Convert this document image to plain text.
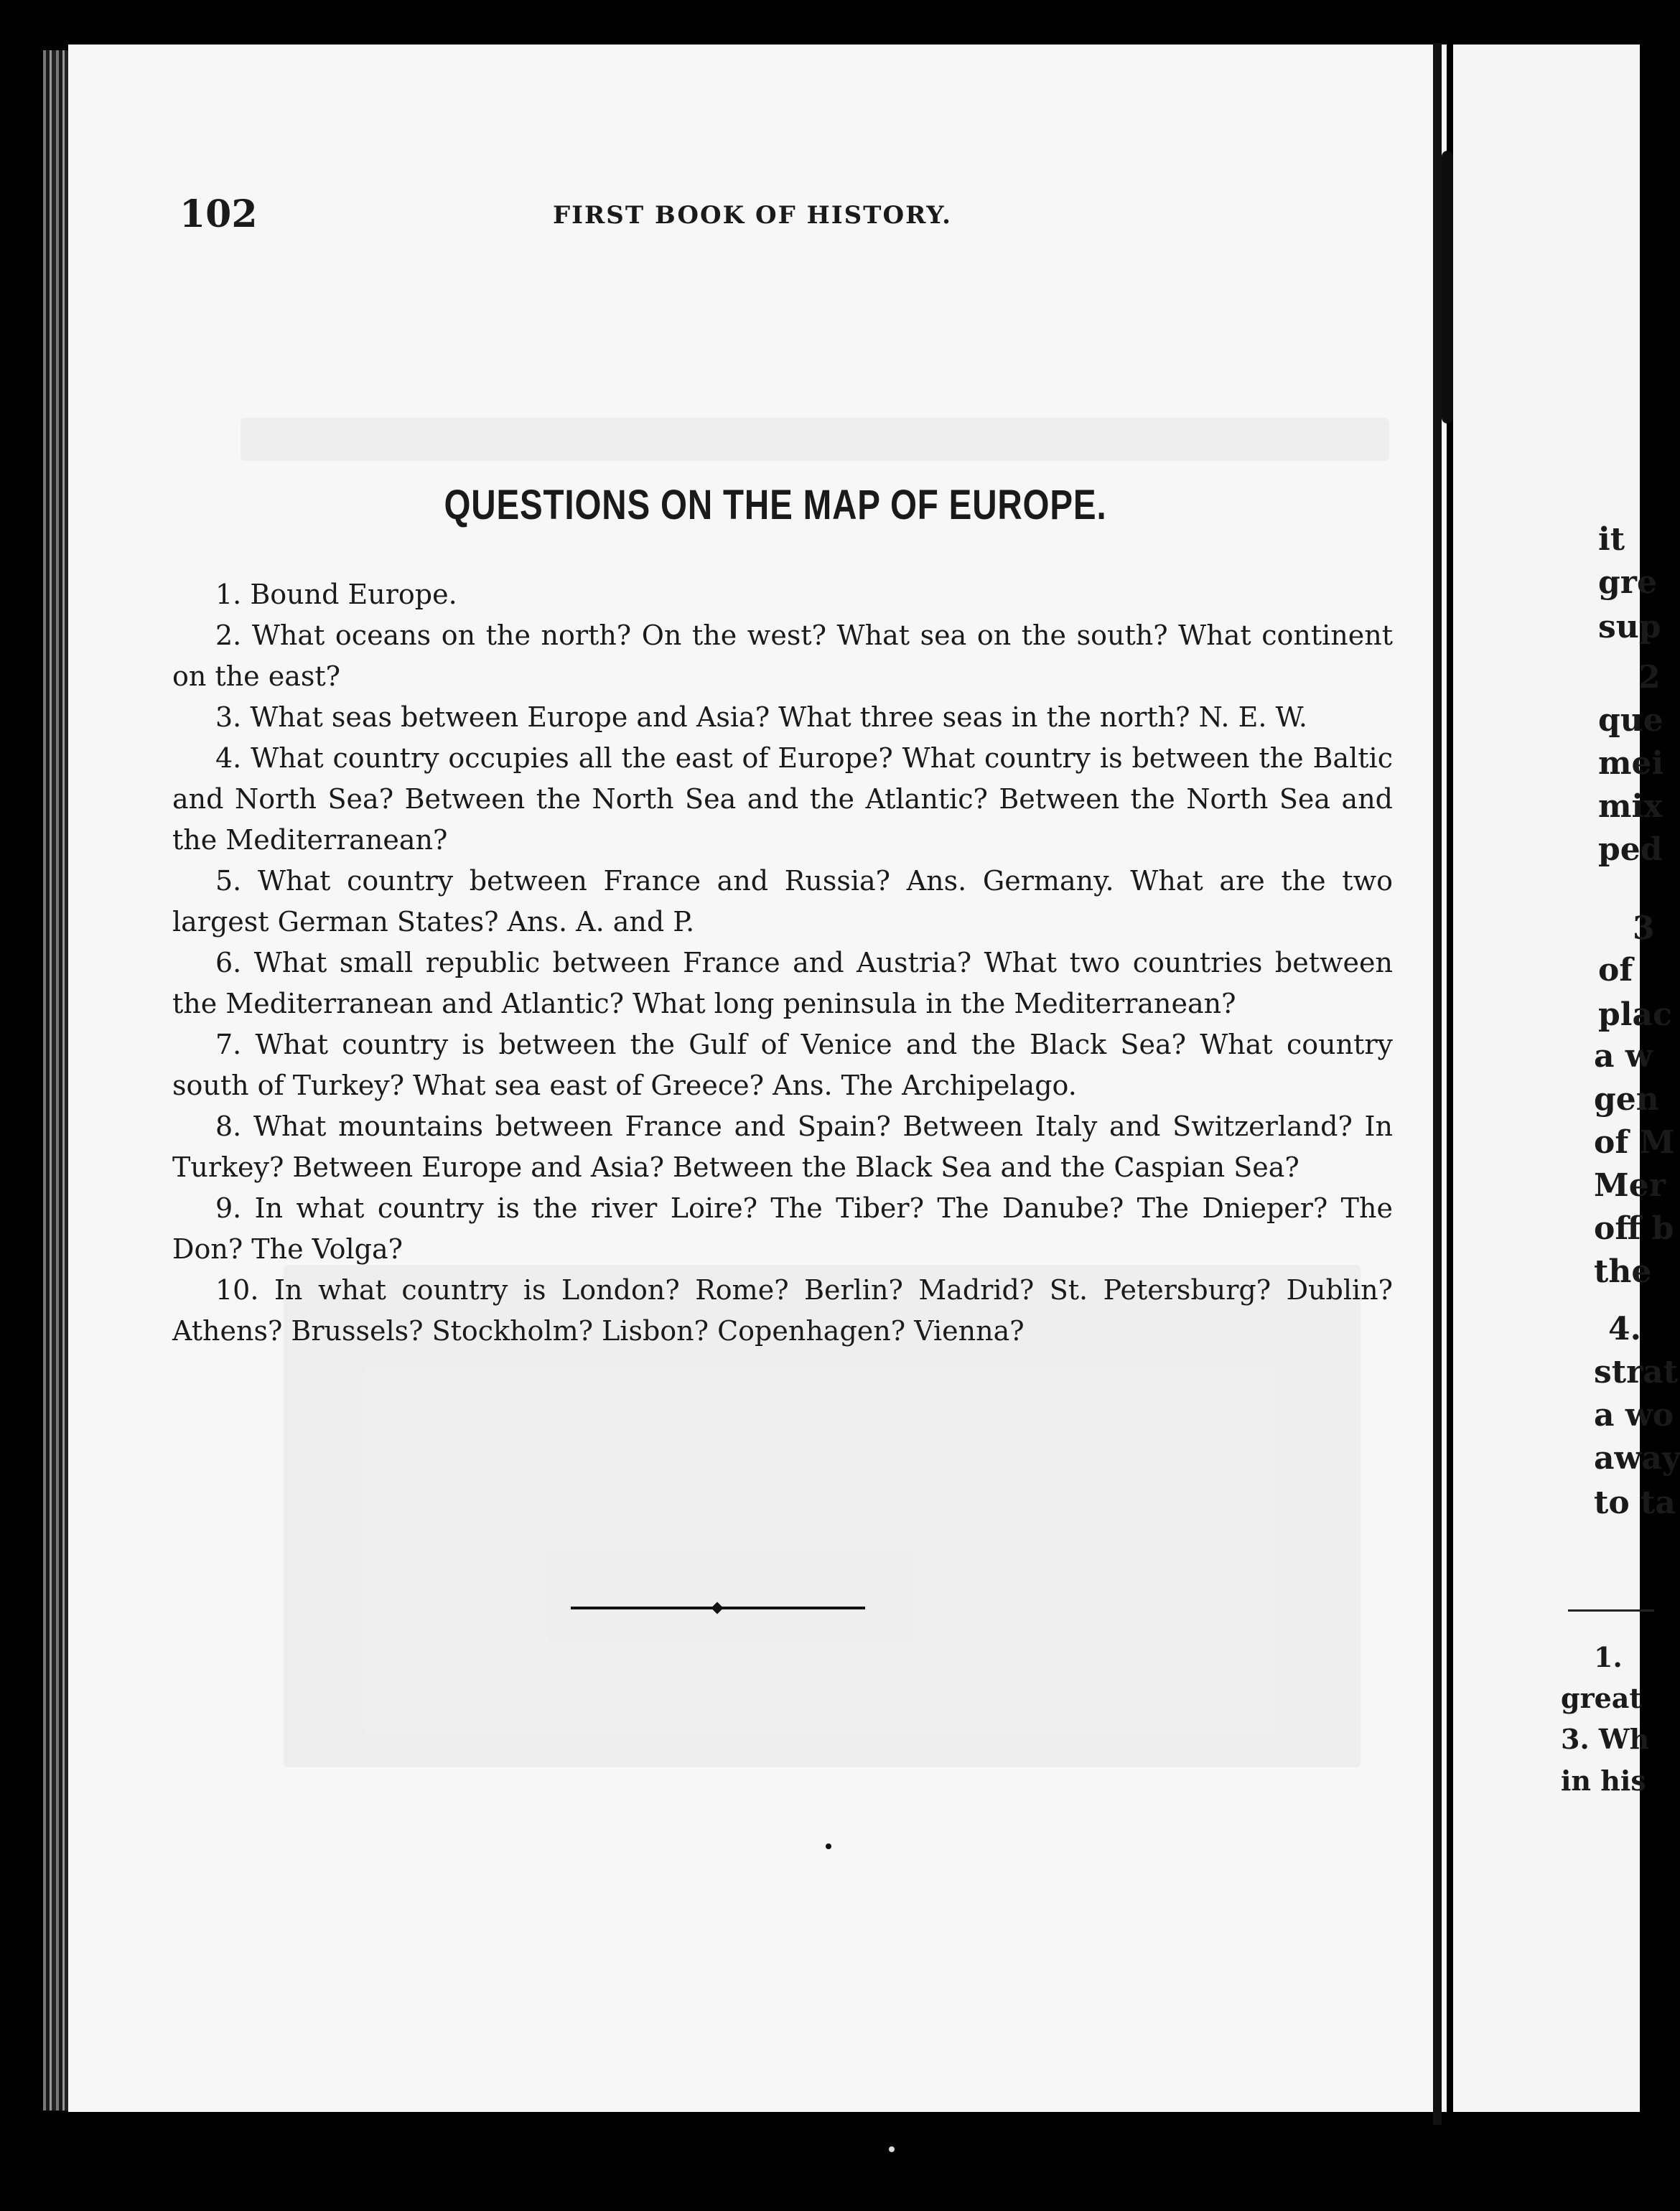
102	FIRST BOOK OF HISTORY.
QUESTIONS ON THE MAP OF EUROPE.

1. Bound Europe.

2. What oceans on the north? On the west? What sea on the south? What continent on the east?

3. What seas between Europe and Asia? What three seas in the north? N. E. W.

4. What country occupies all the east of Europe? What country is between the Baltic and North Sea? Between the North Sea and the Atlantic? Between the North Sea and the Mediterranean?

5. What country between France and Russia? Ans. Germany. What are the two largest German States? Ans. A. and P.

6. What small republic between France and Austria? What two countries between the Mediterranean and Atlantic? What long peninsula in the Mediterranean?

7. What country is between the Gulf of Venice and the Black Sea? What country south of Turkey? What sea east of Greece? Ans. The Archipelago.

8. What mountains between France and Spain? Between Italy and Switzerland? In Turkey? Between Europe and Asia? Between the Black Sea and the Caspian Sea?

9. In what country is the river Loire? The Tiber? The Danube? The Dnieper? The Don? The Volga?

10. In what country is London? Rome? Berlin? Madrid? St. Petersburg? Dublin? Athens? Brussels? Stockholm? Lisbon? Copenhagen? Vienna?

it
gre
sup
2
que
mei
mix
ped
3
of
plac
a w
gen
of M
Mer
off b
the
4.
strat
a wo
away
to ta
1.
great
3. Wh
in his
